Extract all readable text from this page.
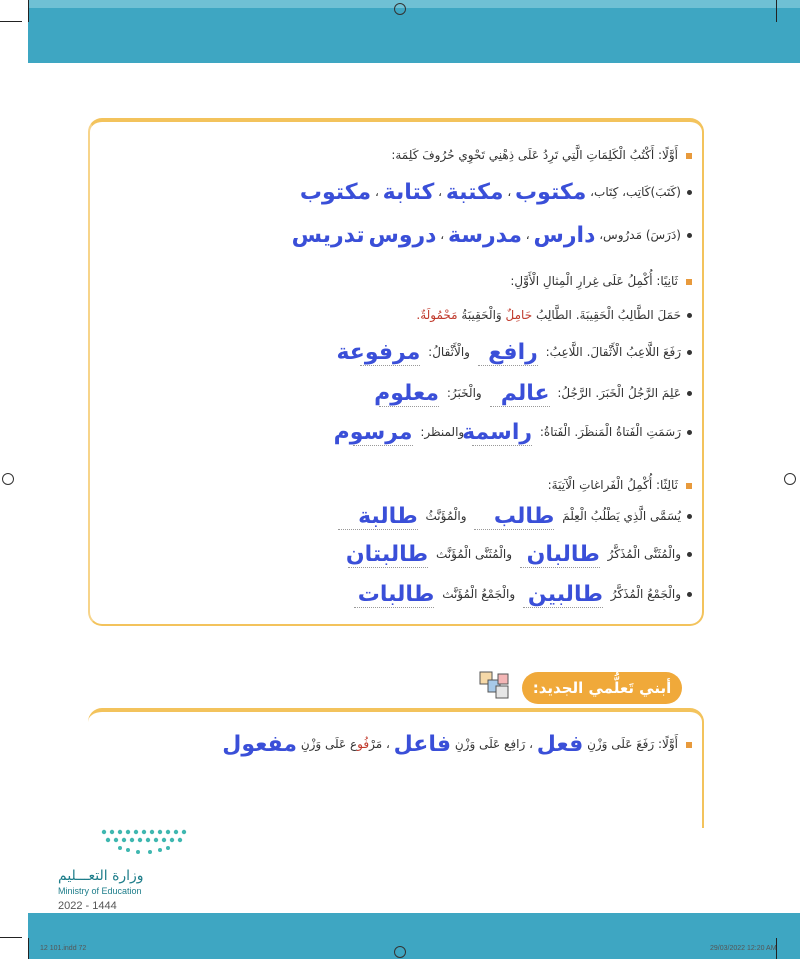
أَوَّلًا: أَكْتُبُ الْكَلِمَاتِ الَّتِي تَرِدُ عَلَى ذِهْنِي تَحْوِي حُرُوفَ كَلِمَة:
(كَتَبَ)كَاتِب، كِتَاب، مكتوب ، مكتبة ، كتابة ، مكتوب
(دَرَسَ) مَدرُوس، دارس ، مدرسة ، دروس تدريس
ثَانِيًا: أُكْمِلُ عَلَى غِرارِ الْمِثالِ الْأَوَّلِ:
حَمَلَ الطَّالِبُ الْحَقِيبَةَ. الطَّالِبُ حَامِلٌ وَالْحَقِيبَةُ مَحْمُولَةٌ.
رَفَعَ اللَّاعِبُ الْأَثْقالَ. اللَّاعِبُ: رافع والْأَثْقالُ: مرفوعة
عَلِمَ الرَّجُلُ الْخَبَرَ. الرَّجُلُ: عالم والْخَبَرُ: معلوم
رَسَمَتِ الْفَتاةُ الْمَنظَرَ. الْفَتاةُ: راسمة والمنظر: مرسوم
ثَالِثًا: أُكْمِلُ الْفَراغاتِ الْآتِيَةَ:
يُسَمَّى الَّذِي يَطْلُبُ الْعِلْمَ طالب والْمُؤَنَّثُ طالبة
والْمُثَنَّى الْمُذَكَّرُ طالبان والْمُثَنَّى الْمُؤَنَّث طالبتان
والْجَمْعُ الْمُذَكَّرُ طالبين والْجَمْعُ الْمُؤَنَّث طالبات
أبني تَعلُّمي الجديد:
أَوَّلًا: رَفَعَ عَلَى وَزْنِ فعل ، رَافِع عَلَى وَزْنِ فاعل ، مَرْفُوع عَلَى وَزْنِ مفعول
وزارة التعـــليم
Ministry of Education
2022 - 1444	٧٢
12 101.indd 72	29/03/2022 12:20 AM
